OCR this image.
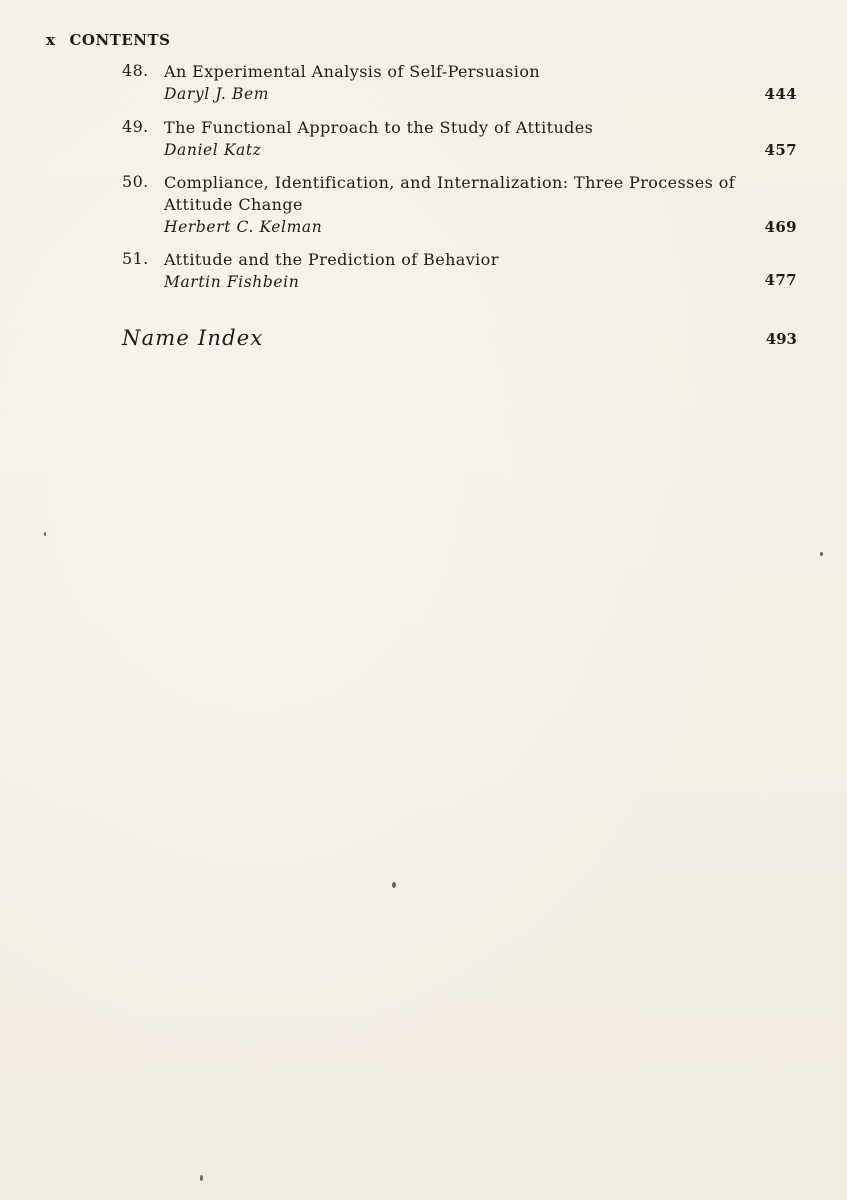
x CONTENTS
48. An Experimental Analysis of Self-Persuasion
Daryl J. Bem	444
49. The Functional Approach to the Study of Attitudes
Daniel Katz	457
50. Compliance, Identification, and Internalization: Three Processes of
Attitude Change
Herbert C. Kelman	469
51. Attitude and the Prediction of Behavior
Martin Fishbein	477
Name Index	493
